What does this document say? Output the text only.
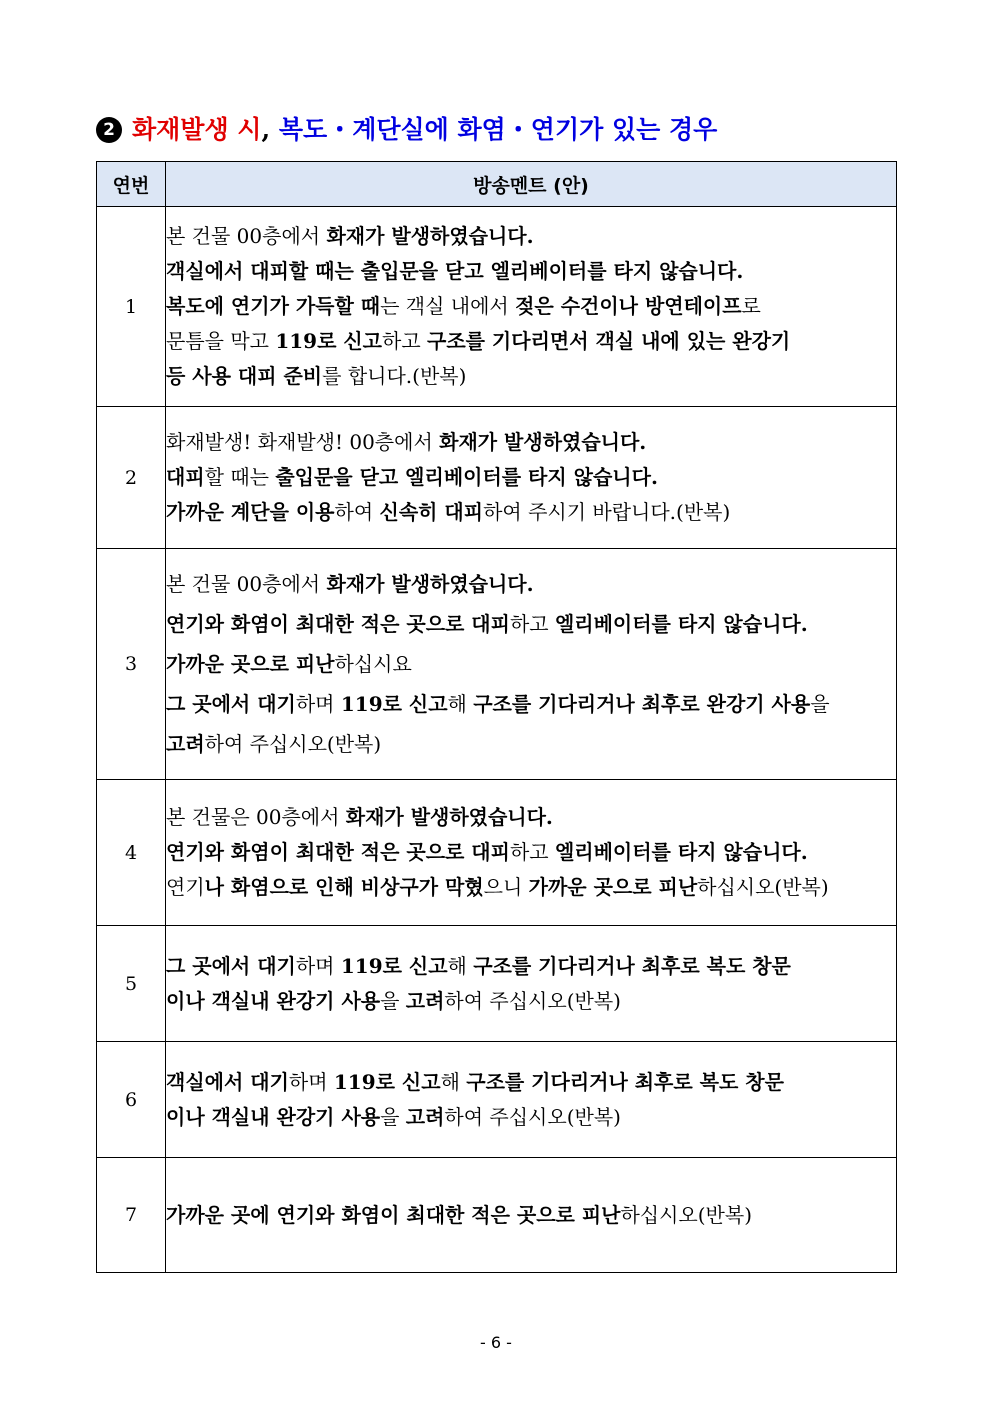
2 화재발생 시, 복도・계단실에 화염・연기가 있는 경우
연번	방송멘트 (안)
1	본 건물 00층에서 화재가 발생하였습니다.
객실에서 대피할 때는 출입문을 닫고 엘리베이터를 타지 않습니다.
복도에 연기가 가득할 때는 객실 내에서 젖은 수건이나 방연테이프로
문틈을 막고 119로 신고하고 구조를 기다리면서 객실 내에 있는 완강기
등 사용 대피 준비를 합니다.(반복)

2	화재발생! 화재발생! 00층에서 화재가 발생하였습니다.
대피할 때는 출입문을 닫고 엘리베이터를 타지 않습니다.
가까운 계단을 이용하여 신속히 대피하여 주시기 바랍니다.(반복)

3	본 건물 00층에서 화재가 발생하였습니다.
연기와 화염이 최대한 적은 곳으로 대피하고 엘리베이터를 타지 않습니다.
가까운 곳으로 피난하십시요
그 곳에서 대기하며 119로 신고해 구조를 기다리거나 최후로 완강기 사용을
고려하여 주십시오(반복)

4	본 건물은 00층에서 화재가 발생하였습니다.
연기와 화염이 최대한 적은 곳으로 대피하고 엘리베이터를 타지 않습니다.
연기나 화염으로 인해 비상구가 막혔으니 가까운 곳으로 피난하십시오(반복)

5	그 곳에서 대기하며 119로 신고해 구조를 기다리거나 최후로 복도 창문
이나 객실내 완강기 사용을 고려하여 주십시오(반복)

6	객실에서 대기하며 119로 신고해 구조를 기다리거나 최후로 복도 창문
이나 객실내 완강기 사용을 고려하여 주십시오(반복)

7	가까운 곳에 연기와 화염이 최대한 적은 곳으로 피난하십시오(반복)
- 6 -
